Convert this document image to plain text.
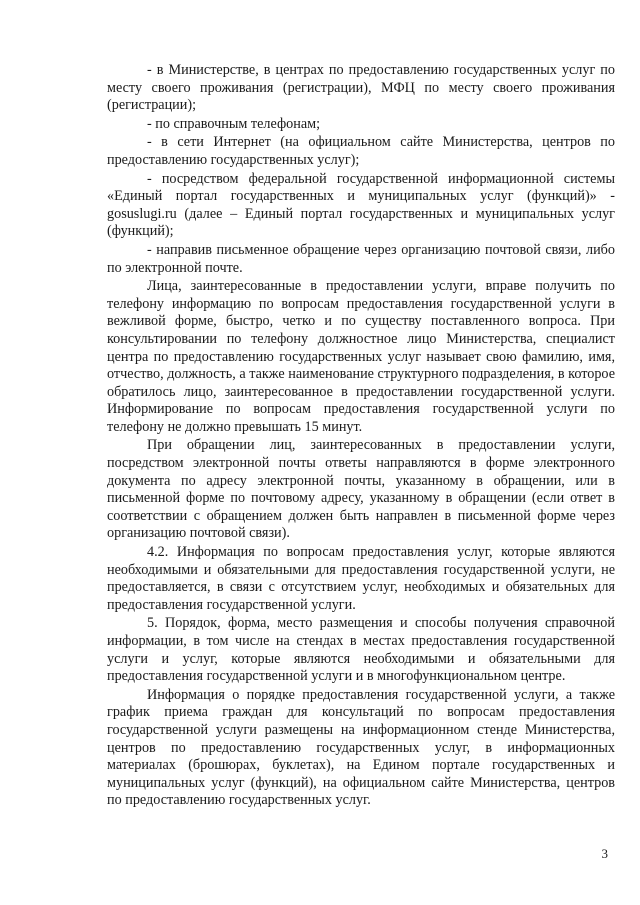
- в Министерстве, в центрах по предоставлению государственных услуг по месту своего проживания (регистрации), МФЦ по месту своего проживания (регистрации);

- по справочным телефонам;

- в сети Интернет (на официальном сайте Министерства, центров по предоставлению государственных услуг);

- посредством федеральной государственной информационной системы «Единый портал государственных и муниципальных услуг (функций)» - gosuslugi.ru (далее – Единый портал государственных и муниципальных услуг (функций);

- направив письменное обращение через организацию почтовой связи, либо по электронной почте.

Лица, заинтересованные в предоставлении услуги, вправе получить по телефону информацию по вопросам предоставления государственной услуги в вежливой форме, быстро, четко и по существу поставленного вопроса. При консультировании по телефону должностное лицо Министерства, специалист центра по предоставлению государственных услуг называет свою фамилию, имя, отчество, должность, а также наименование структурного подразделения, в которое обратилось лицо, заинтересованное в предоставлении государственной услуги. Информирование по вопросам предоставления государственной услуги по телефону не должно превышать 15 минут.

При обращении лиц, заинтересованных в предоставлении услуги, посредством электронной почты ответы направляются в форме электронного документа по адресу электронной почты, указанному в обращении, или в письменной форме по почтовому адресу, указанному в обращении (если ответ в соответствии с обращением должен быть направлен в письменной форме через организацию почтовой связи).

4.2. Информация по вопросам предоставления услуг, которые являются необходимыми и обязательными для предоставления государственной услуги, не предоставляется, в связи с отсутствием услуг, необходимых и обязательных для предоставления государственной услуги.

5. Порядок, форма, место размещения и способы получения справочной информации, в том числе на стендах в местах предоставления государственной услуги и услуг, которые являются необходимыми и обязательными для предоставления государственной услуги и в многофункциональном центре.

Информация о порядке предоставления государственной услуги, а также график приема граждан для консультаций по вопросам предоставления государственной услуги размещены на информационном стенде Министерства, центров по предоставлению государственных услуг, в информационных материалах (брошюрах, буклетах), на Едином портале государственных и муниципальных услуг (функций), на официальном сайте Министерства, центров по предоставлению государственных услуг.

3
